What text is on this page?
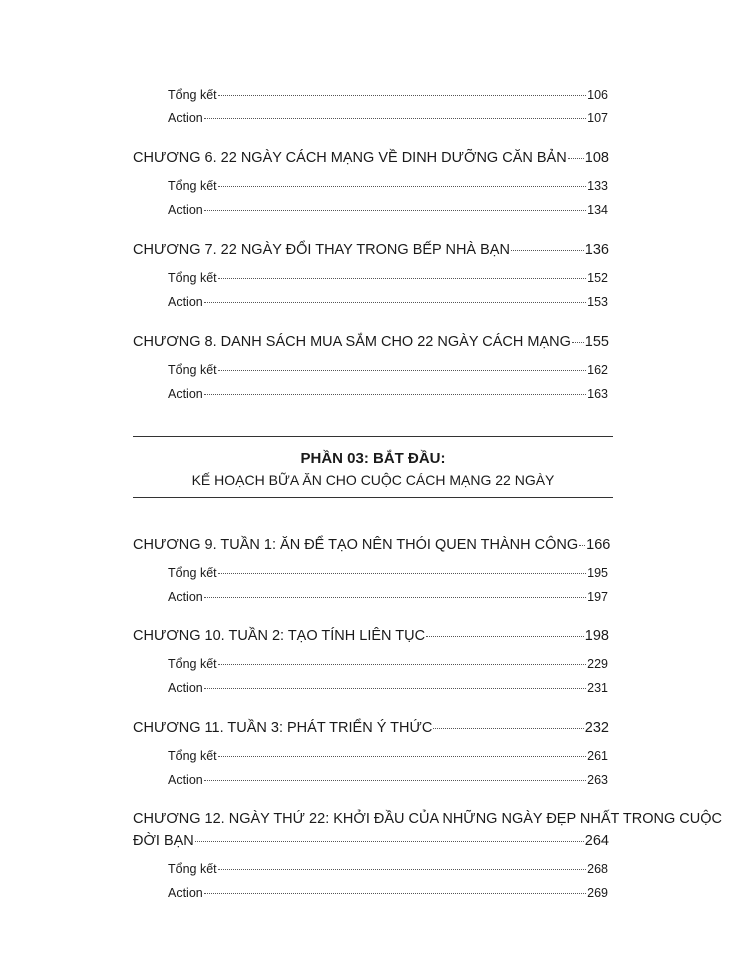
Tổng kết	106
Action	107
CHƯƠNG 6. 22 NGÀY CÁCH MẠNG VỀ DINH DƯỠNG CĂN BẢN 108
Tổng kết	133
Action	134
CHƯƠNG 7. 22 NGÀY ĐỔI THAY TRONG BẾP NHÀ BẠN	136
Tổng kết	152
Action	153
CHƯƠNG 8. DANH SÁCH MUA SẮM CHO 22 NGÀY CÁCH MẠNG 155
Tổng kết	162
Action	163
PHẦN 03: BẮT ĐẦU:
KẾ HOẠCH BỮA ĂN CHO CUỘC CÁCH MẠNG 22 NGÀY
CHƯƠNG 9. TUẦN 1: ĂN ĐỂ TẠO NÊN THÓI QUEN THÀNH CÔNG 166
Tổng kết	195
Action	197
CHƯƠNG 10. TUẦN 2: TẠO TÍNH LIÊN TỤC	198
Tổng kết	229
Action	231
CHƯƠNG 11. TUẦN 3: PHÁT TRIỂN Ý THỨC	232
Tổng kết	261
Action	263
CHƯƠNG 12. NGÀY THỨ 22: KHỞI ĐẦU CỦA NHỮNG NGÀY ĐẸP NHẤT TRONG CUỘC
ĐỜI BẠN	264
Tổng kết	268
Action	269
